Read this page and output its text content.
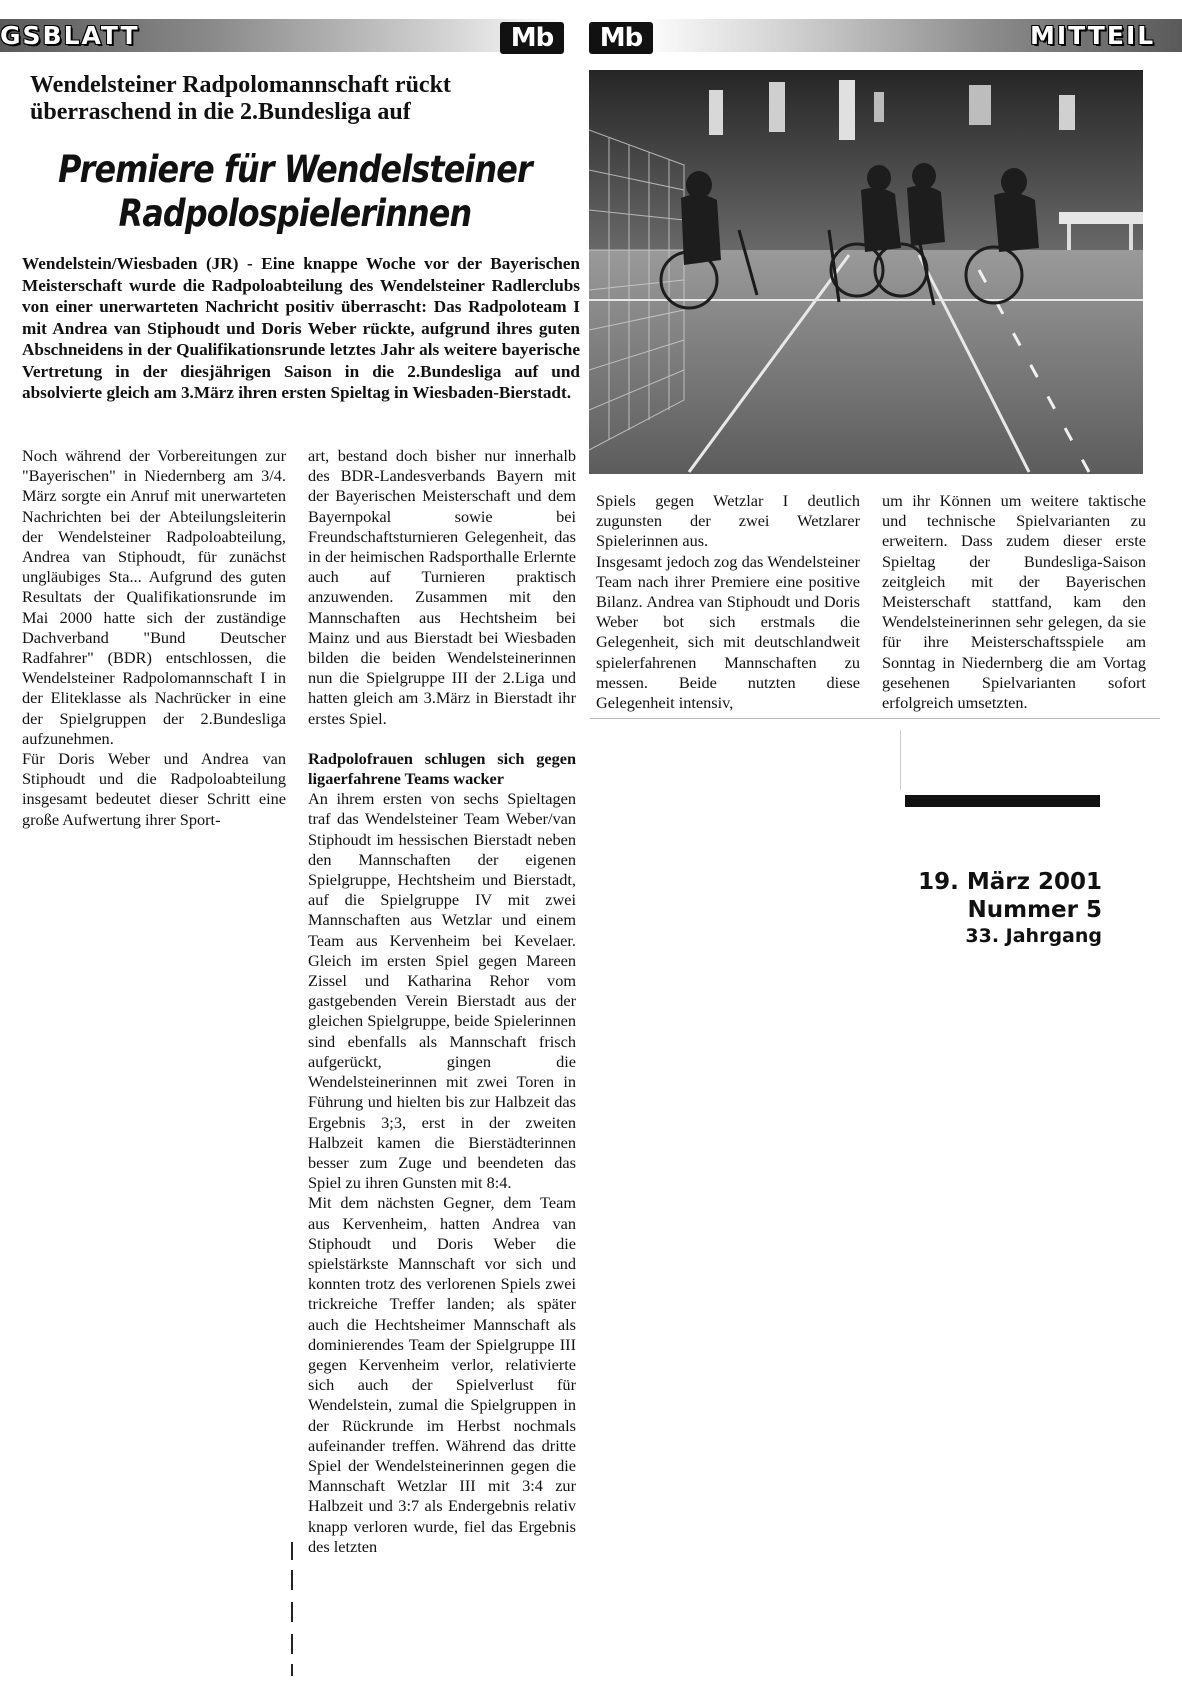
GSBLATT	MITTEIL
Mb	Mb
Wendelsteiner Radpolomannschaft rückt
überraschend in die 2.Bundesliga auf
Premiere für Wendelsteiner
Radpolospielerinnen
Wendelstein/Wiesbaden (JR) - Eine knappe Woche vor der Bayerischen Meisterschaft wurde die Radpoloabteilung des Wendelsteiner Radlerclubs von einer unerwarteten Nachricht positiv überrascht: Das Radpoloteam I mit Andrea van Stiphoudt und Doris Weber rückte, aufgrund ihres guten Abschneidens in der Qualifikationsrunde letztes Jahr als weitere bayerische Vertretung in der diesjährigen Saison in die 2.Bundesliga auf und absolvierte gleich am 3.März ihren ersten Spieltag in Wiesbaden-Bierstadt.

Noch während der Vorbereitungen zur "Bayerischen" in Niedernberg am 3/4. März sorgte ein Anruf mit unerwarteten Nachrichten bei der Abteilungsleiterin der Wendelsteiner Radpoloabteilung, Andrea van Stiphoudt, für zunächst ungläubiges Sta... Aufgrund des guten Resultats der Qualifikationsrunde im Mai 2000 hatte sich der zuständige Dachverband "Bund Deutscher Radfahrer" (BDR) entschlossen, die Wendelsteiner Radpolomannschaft I in der Eliteklasse als Nachrücker in eine der Spielgruppen der 2.Bundesliga aufzunehmen.

Für Doris Weber und Andrea van Stiphoudt und die Radpoloabteilung insgesamt bedeutet dieser Schritt eine große Aufwertung ihrer Sport-

art, bestand doch bisher nur innerhalb des BDR-Landesverbands Bayern mit der Bayerischen Meisterschaft und dem Bayernpokal sowie bei Freundschaftsturnieren Gelegenheit, das in der heimischen Radsporthalle Erlernte auch auf Turnieren praktisch anzuwenden. Zusammen mit den Mannschaften aus Hechtsheim bei Mainz und aus Bierstadt bei Wiesbaden bilden die beiden Wendelsteinerinnen nun die Spielgruppe III der 2.Liga und hatten gleich am 3.März in Bierstadt ihr erstes Spiel.

Radpolofrauen schlugen sich gegen ligaerfahrene Teams wacker

An ihrem ersten von sechs Spieltagen traf das Wendelsteiner Team Weber/van Stiphoudt im hessischen Bierstadt neben den Mannschaften der eigenen Spielgruppe, Hechtsheim und Bierstadt, auf die Spielgruppe IV mit zwei Mannschaften aus Wetzlar und einem Team aus Kervenheim bei Kevelaer. Gleich im ersten Spiel gegen Mareen Zissel und Katharina Rehor vom gastgebenden Verein Bierstadt aus der gleichen Spielgruppe, beide Spielerinnen sind ebenfalls als Mannschaft frisch aufgerückt, gingen die Wendelsteinerinnen mit zwei Toren in Führung und hielten bis zur Halbzeit das Ergebnis 3;3, erst in der zweiten Halbzeit kamen die Bierstädterinnen besser zum Zuge und beendeten das Spiel zu ihren Gunsten mit 8:4.

Mit dem nächsten Gegner, dem Team aus Kervenheim, hatten Andrea van Stiphoudt und Doris Weber die spielstärkste Mannschaft vor sich und konnten trotz des verlorenen Spiels zwei trickreiche Treffer landen; als später auch die Hechtsheimer Mannschaft als dominierendes Team der Spielgruppe III gegen Kervenheim verlor, relativierte sich auch der Spielverlust für Wendelstein, zumal die Spielgruppen in der Rückrunde im Herbst nochmals aufeinander treffen. Während das dritte Spiel der Wendelsteinerinnen gegen die Mannschaft Wetzlar III mit 3:4 zur Halbzeit und 3:7 als Endergebnis relativ knapp verloren wurde, fiel das Ergebnis des letzten

Spiels gegen Wetzlar I deutlich zugunsten der zwei Wetzlarer Spielerinnen aus.

Insgesamt jedoch zog das Wendelsteiner Team nach ihrer Premiere eine positive Bilanz. Andrea van Stiphoudt und Doris Weber bot sich erstmals die Gelegenheit, sich mit deutschlandweit spielerfahrenen Mannschaften zu messen. Beide nutzten diese Gelegenheit intensiv,

um ihr Können um weitere taktische und technische Spielvarianten zu erweitern. Dass zudem dieser erste Spieltag der Bundesliga-Saison zeitgleich mit der Bayerischen Meisterschaft stattfand, kam den Wendelsteinerinnen sehr gelegen, da sie für ihre Meisterschaftsspiele am Sonntag in Niedernberg die am Vortag gesehenen Spielvarianten sofort erfolgreich umsetzten.

19. März 2001
Nummer 5
33. Jahrgang
